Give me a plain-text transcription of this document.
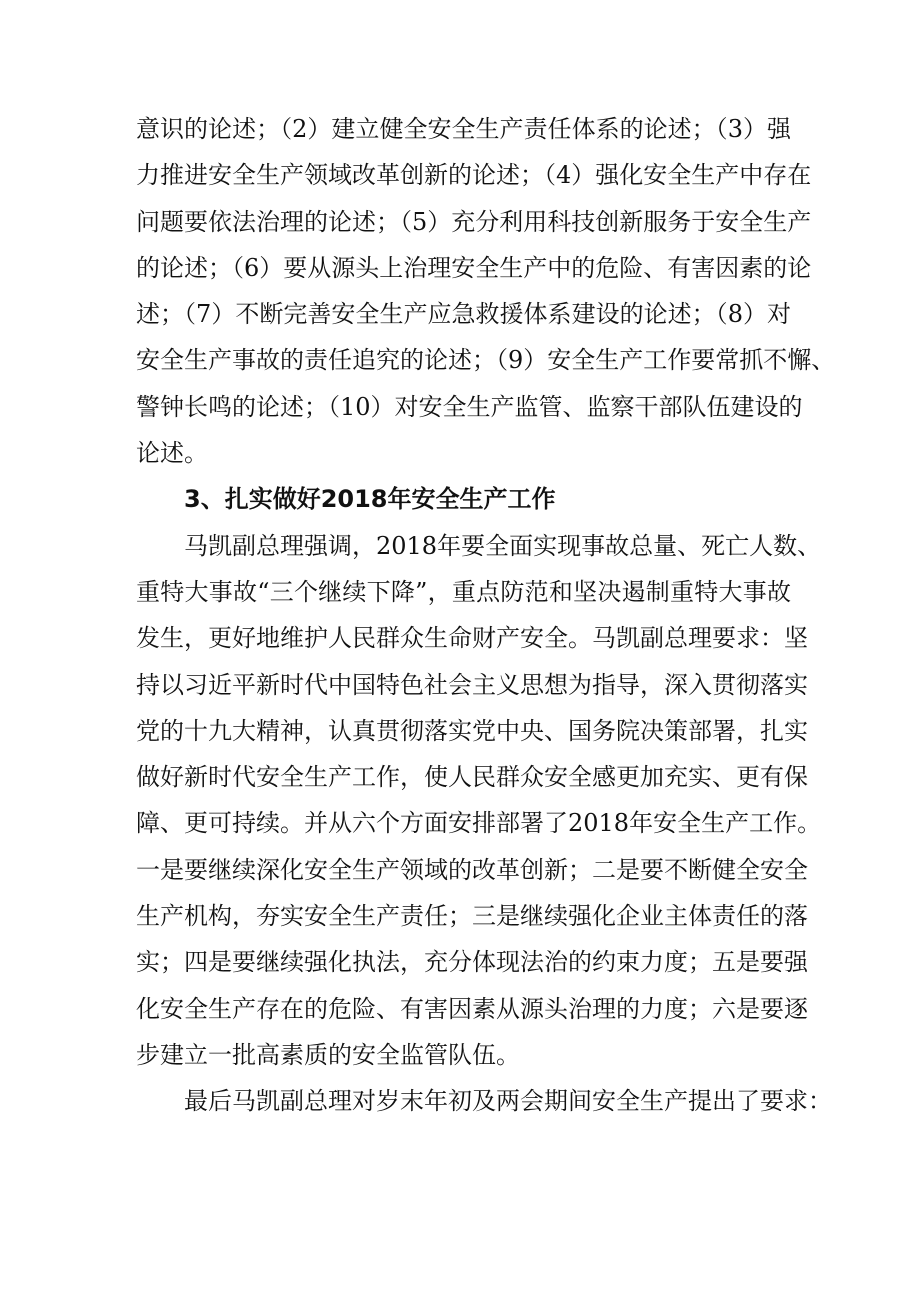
意识的论述；（2）建立健全安全生产责任体系的论述；（3）强
力推进安全生产领域改革创新的论述；（4）强化安全生产中存在
问题要依法治理的论述；（5）充分利用科技创新服务于安全生产
的论述；（6）要从源头上治理安全生产中的危险、有害因素的论
述；（7）不断完善安全生产应急救援体系建设的论述；（8）对
安全生产事故的责任追究的论述；（9）安全生产工作要常抓不懈、
警钟长鸣的论述；（10）对安全生产监管、监察干部队伍建设的
论述。
3、扎实做好2018年安全生产工作
马凯副总理强调，2018年要全面实现事故总量、死亡人数、
重特大事故“三个继续下降”，重点防范和坚决遏制重特大事故
发生，更好地维护人民群众生命财产安全。马凯副总理要求：坚
持以习近平新时代中国特色社会主义思想为指导，深入贯彻落实
党的十九大精神，认真贯彻落实党中央、国务院决策部署，扎实
做好新时代安全生产工作，使人民群众安全感更加充实、更有保
障、更可持续。并从六个方面安排部署了2018年安全生产工作。
一是要继续深化安全生产领域的改革创新；二是要不断健全安全
生产机构，夯实安全生产责任；三是继续强化企业主体责任的落
实；四是要继续强化执法，充分体现法治的约束力度；五是要强
化安全生产存在的危险、有害因素从源头治理的力度；六是要逐
步建立一批高素质的安全监管队伍。
最后马凯副总理对岁末年初及两会期间安全生产提出了要求：
